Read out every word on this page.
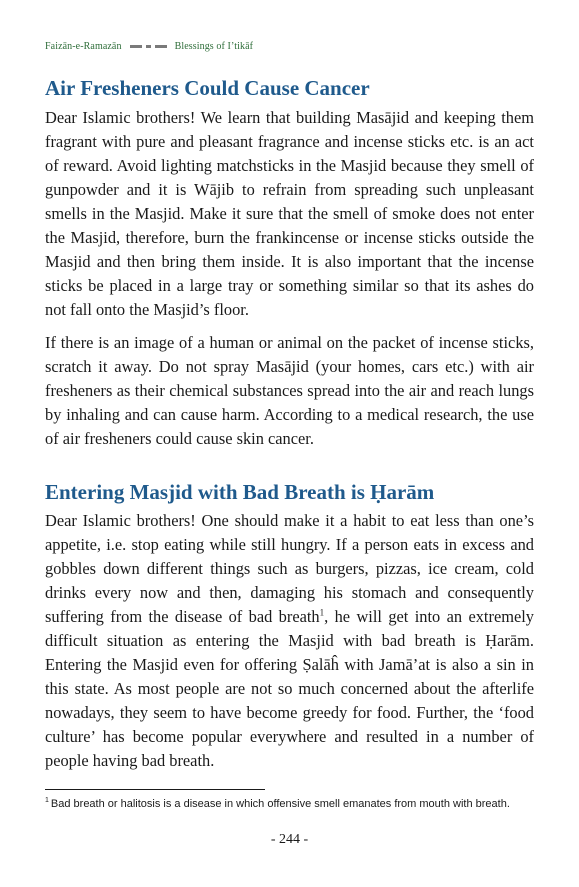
Faizān-e-Ramazān	Blessings of I’tikāf
Air Fresheners Could Cause Cancer

Dear Islamic brothers! We learn that building Masājid and keeping them fragrant with pure and pleasant fragrance and incense sticks etc. is an act of reward. Avoid lighting matchsticks in the Masjid because they smell of gunpowder and it is Wājib to refrain from spreading such unpleasant smells in the Masjid. Make it sure that the smell of smoke does not enter the Masjid, therefore, burn the frankincense or incense sticks outside the Masjid and then bring them inside. It is also important that the incense sticks be placed in a large tray or something similar so that its ashes do not fall onto the Masjid’s floor.

If there is an image of a human or animal on the packet of incense sticks, scratch it away. Do not spray Masājid (your homes, cars etc.) with air fresheners as their chemical substances spread into the air and reach lungs by inhaling and can cause harm. According to a medical research, the use of air fresheners could cause skin cancer.

Entering Masjid with Bad Breath is Ḥarām

Dear Islamic brothers! One should make it a habit to eat less than one’s appetite, i.e. stop eating while still hungry. If a person eats in excess and gobbles down different things such as burgers, pizzas, ice cream, cold drinks every now and then, damaging his stomach and consequently suffering from the disease of bad breath$^1$, he will get into an extremely difficult situation as entering the Masjid with bad breath is Ḥarām. Entering the Masjid even for offering Ṣalāĥ with Jamā’at is also a sin in this state. As most people are not so much concerned about the afterlife nowadays, they seem to have become greedy for food. Further, the ‘food culture’ has become popular everywhere and resulted in a number of people having bad breath.

$^1$ Bad breath or halitosis is a disease in which offensive smell emanates from mouth with breath.
- 244 -
